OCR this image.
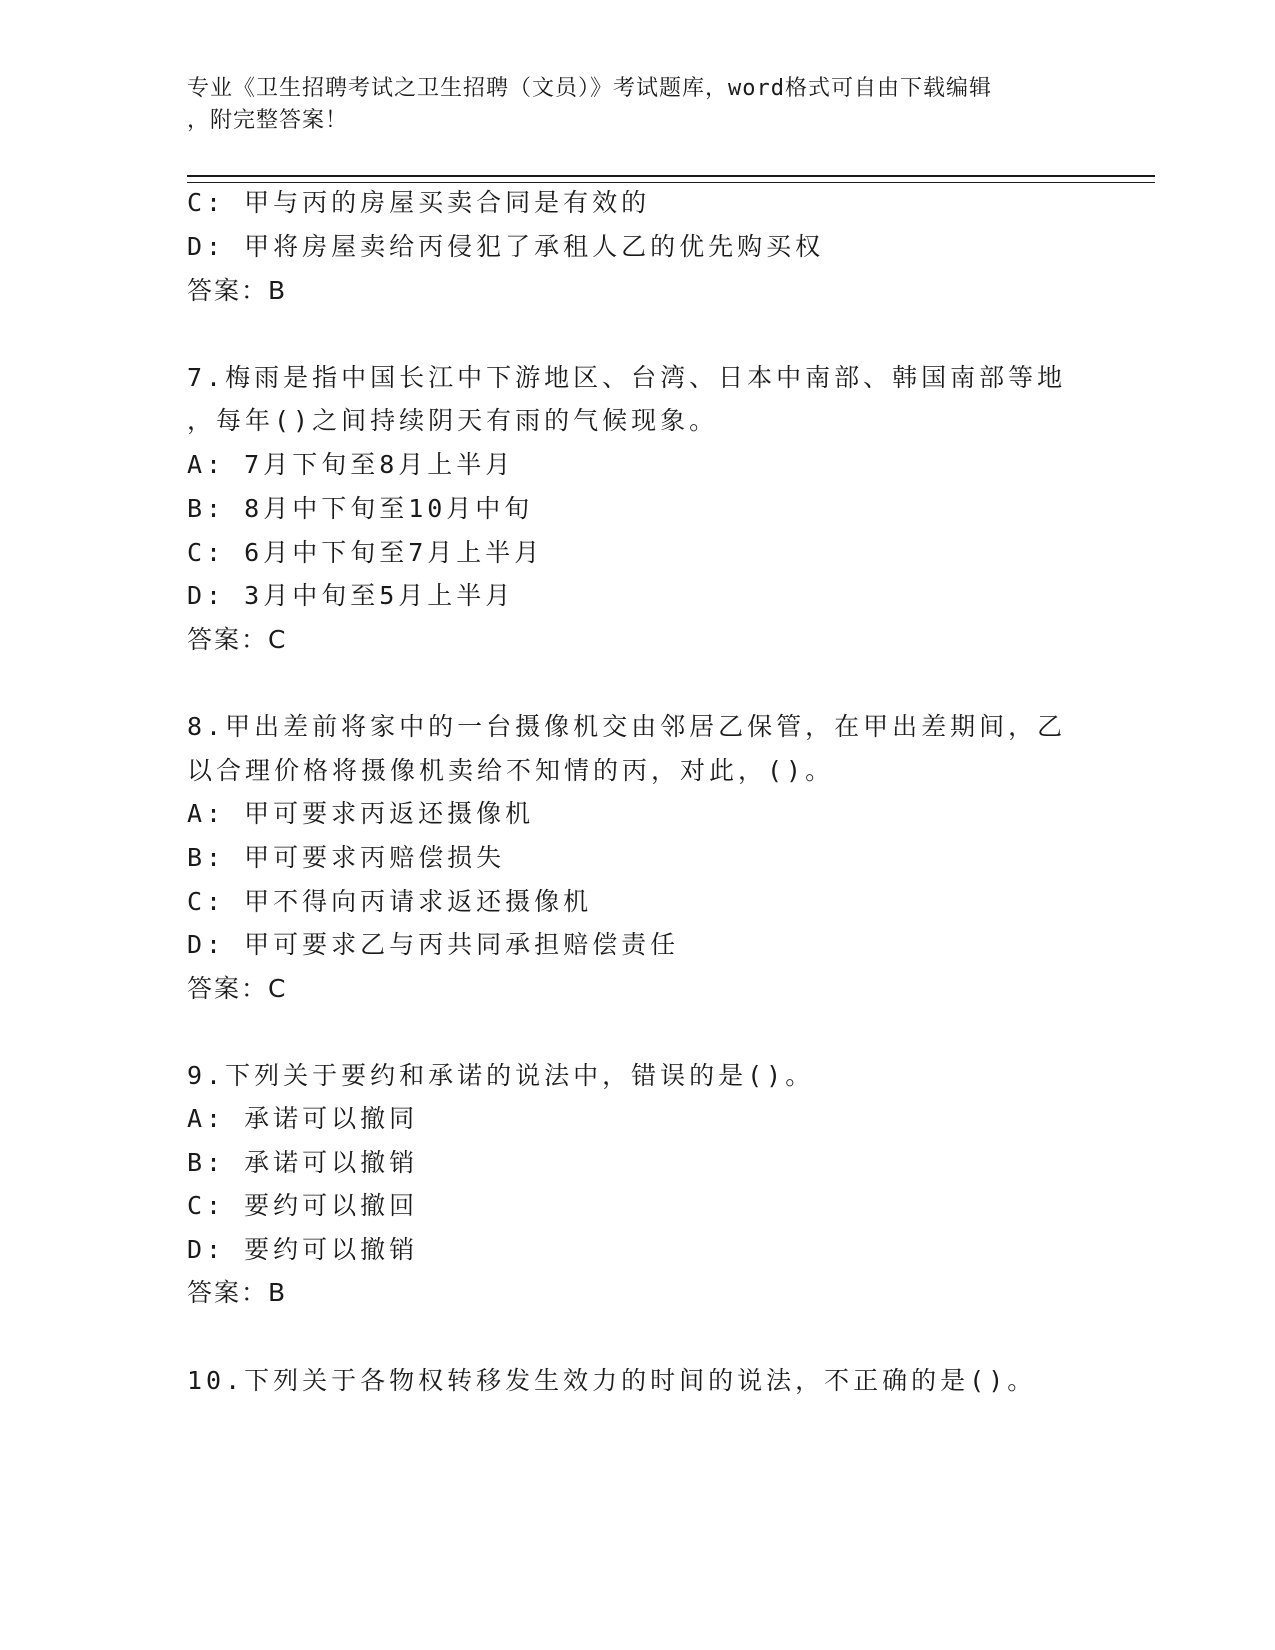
专业《卫生招聘考试之卫生招聘（文员）》考试题库，word格式可自由下载编辑
，附完整答案！
C: 甲与丙的房屋买卖合同是有效的
D: 甲将房屋卖给丙侵犯了承租人乙的优先购买权
答案：B
7.梅雨是指中国长江中下游地区、台湾、日本中南部、韩国南部等地
，每年()之间持续阴天有雨的气候现象。
A: 7月下旬至8月上半月
B: 8月中下旬至10月中旬
C: 6月中下旬至7月上半月
D: 3月中旬至5月上半月
答案：C
8.甲出差前将家中的一台摄像机交由邻居乙保管，在甲出差期间，乙
以合理价格将摄像机卖给不知情的丙，对此，()。
A: 甲可要求丙返还摄像机
B: 甲可要求丙赔偿损失
C: 甲不得向丙请求返还摄像机
D: 甲可要求乙与丙共同承担赔偿责任
答案：C
9.下列关于要约和承诺的说法中，错误的是()。
A: 承诺可以撤同
B: 承诺可以撤销
C: 要约可以撤回
D: 要约可以撤销
答案：B
10.下列关于各物权转移发生效力的时间的说法，不正确的是()。
